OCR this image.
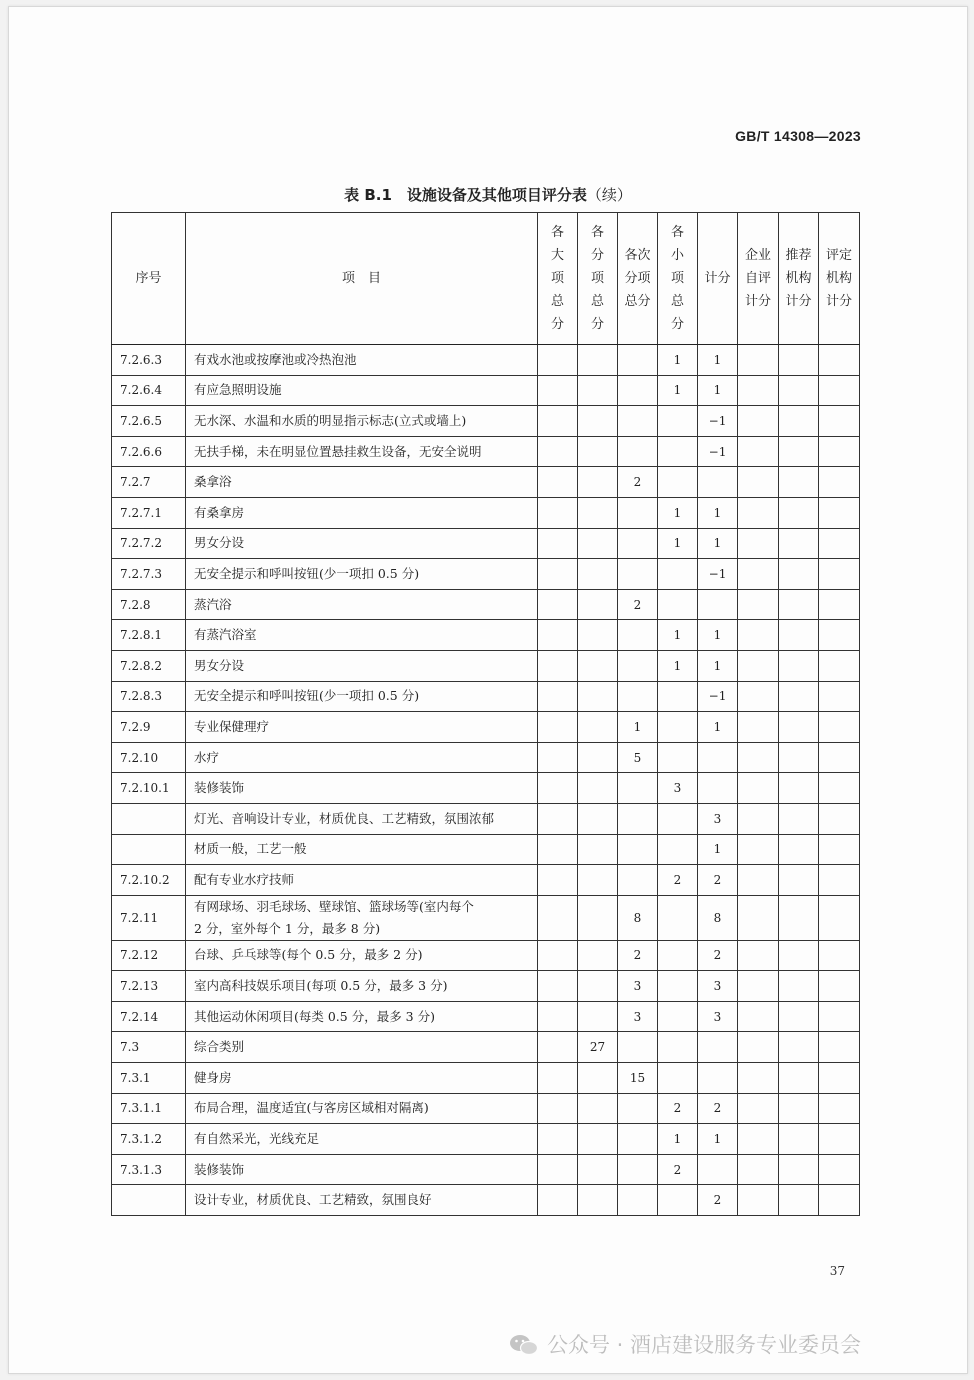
GB/T 14308—2023
表 B.1　设施设备及其他项目评分表（续）
37
公众号 · 酒店建设服务专业委员会
序号	项　目	各
大
项
总
分	各
分
项
总
分	各次
分项
总分	各
小
项
总
分	计分	企业
自评
计分	推荐
机构
计分	评定
机构
计分
7.2.6.3	有戏水池或按摩池或冷热泡池				1	1			
7.2.6.4	有应急照明设施				1	1			
7.2.6.5	无水深、水温和水质的明显指示标志(立式或墙上)					−1			
7.2.6.6	无扶手梯，未在明显位置悬挂救生设备，无安全说明					−1			
7.2.7	桑拿浴			2					
7.2.7.1	有桑拿房				1	1			
7.2.7.2	男女分设				1	1			
7.2.7.3	无安全提示和呼叫按钮(少一项扣 0.5 分)					−1			
7.2.8	蒸汽浴			2					
7.2.8.1	有蒸汽浴室				1	1			
7.2.8.2	男女分设				1	1			
7.2.8.3	无安全提示和呼叫按钮(少一项扣 0.5 分)					−1			
7.2.9	专业保健理疗			1		1			
7.2.10	水疗			5					
7.2.10.1	装修装饰				3				
	灯光、音响设计专业，材质优良、工艺精致，氛围浓郁					3			
	材质一般，工艺一般					1			
7.2.10.2	配有专业水疗技师				2	2			
7.2.11	有网球场、羽毛球场、壁球馆、篮球场等(室内每个
2 分，室外每个 1 分，最多 8 分)			8		8			
7.2.12	台球、乒乓球等(每个 0.5 分，最多 2 分)			2		2			
7.2.13	室内高科技娱乐项目(每项 0.5 分，最多 3 分)			3		3			
7.2.14	其他运动休闲项目(每类 0.5 分，最多 3 分)			3		3			
7.3	综合类别		27						
7.3.1	健身房			15					
7.3.1.1	布局合理，温度适宜(与客房区域相对隔离)				2	2			
7.3.1.2	有自然采光，光线充足				1	1			
7.3.1.3	装修装饰				2				
	设计专业，材质优良、工艺精致，氛围良好					2			
